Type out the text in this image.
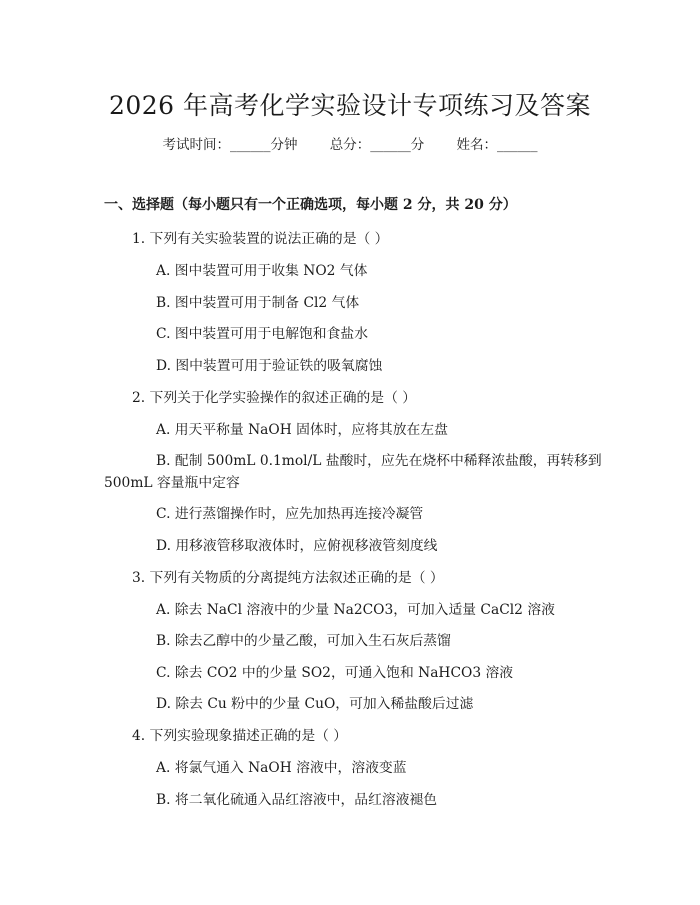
2026 年高考化学实验设计专项练习及答案
考试时间：______分钟 总分：______分 姓名：______
一、选择题（每小题只有一个正确选项，每小题 2 分，共 20 分）
1. 下列有关实验装置的说法正确的是（ ）
A. 图中装置可用于收集 NO2 气体
B. 图中装置可用于制备 Cl2 气体
C. 图中装置可用于电解饱和食盐水
D. 图中装置可用于验证铁的吸氧腐蚀
2. 下列关于化学实验操作的叙述正确的是（ ）
A. 用天平称量 NaOH 固体时，应将其放在左盘
B. 配制 500mL 0.1mol/L 盐酸时，应先在烧杯中稀释浓盐酸，再转移到
500mL 容量瓶中定容
C. 进行蒸馏操作时，应先加热再连接冷凝管
D. 用移液管移取液体时，应俯视移液管刻度线
3. 下列有关物质的分离提纯方法叙述正确的是（ ）
A. 除去 NaCl 溶液中的少量 Na2CO3，可加入适量 CaCl2 溶液
B. 除去乙醇中的少量乙酸，可加入生石灰后蒸馏
C. 除去 CO2 中的少量 SO2，可通入饱和 NaHCO3 溶液
D. 除去 Cu 粉中的少量 CuO，可加入稀盐酸后过滤
4. 下列实验现象描述正确的是（ ）
A. 将氯气通入 NaOH 溶液中，溶液变蓝
B. 将二氧化硫通入品红溶液中，品红溶液褪色
